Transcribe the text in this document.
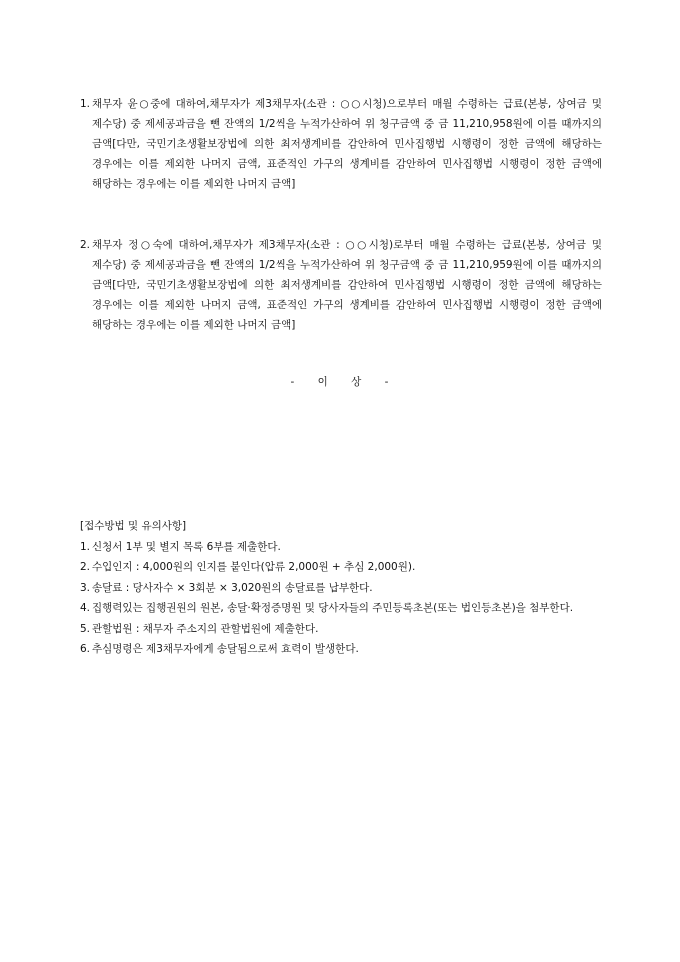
1. 채무자 윤○중에 대하여,채무자가 제3채무자(소관 : ○○시청)으로부터 매월 수령하는 급료(본봉, 상여금 및 제수당) 중 제세공과금을 뺀 잔액의 1/2씩을 누적가산하여 위 청구금액 중 금 11,210,958원에 이를 때까지의 금액[다만, 국민기초생활보장법에 의한 최저생계비를 감안하여 민사집행법 시행령이 정한 금액에 해당하는 경우에는 이를 제외한 나머지 금액, 표준적인 가구의 생계비를 감안하여 민사집행법 시행령이 정한 금액에 해당하는 경우에는 이를 제외한 나머지 금액]
2. 채무자 정○숙에 대하여,채무자가 제3채무자(소관 : ○○시청)로부터 매월 수령하는 급료(본봉, 상여금 및 제수당) 중 제세공과금을 뺀 잔액의 1/2씩을 누적가산하여 위 청구금액 중 금 11,210,959원에 이를 때까지의 금액[다만, 국민기초생활보장법에 의한 최저생계비를 감안하여 민사집행법 시행령이 정한 금액에 해당하는 경우에는 이를 제외한 나머지 금액, 표준적인 가구의 생계비를 감안하여 민사집행법 시행령이 정한 금액에 해당하는 경우에는 이를 제외한 나머지 금액]
- 이 상 -
[접수방법 및 유의사항]
1. 신청서 1부 및 별지 목록 6부를 제출한다.
2. 수입인지 : 4,000원의 인지를 붙인다(압류 2,000원 + 추심 2,000원).
3. 송달료 : 당사자수 × 3회분 × 3,020원의 송달료를 납부한다.
4. 집행력있는 집행권원의 원본, 송달·확정증명원 및 당사자들의 주민등록초본(또는 법인등초본)을 첨부한다.
5. 관할법원 : 채무자 주소지의 관할법원에 제출한다.
6. 추심명령은 제3채무자에게 송달됨으로써 효력이 발생한다.
